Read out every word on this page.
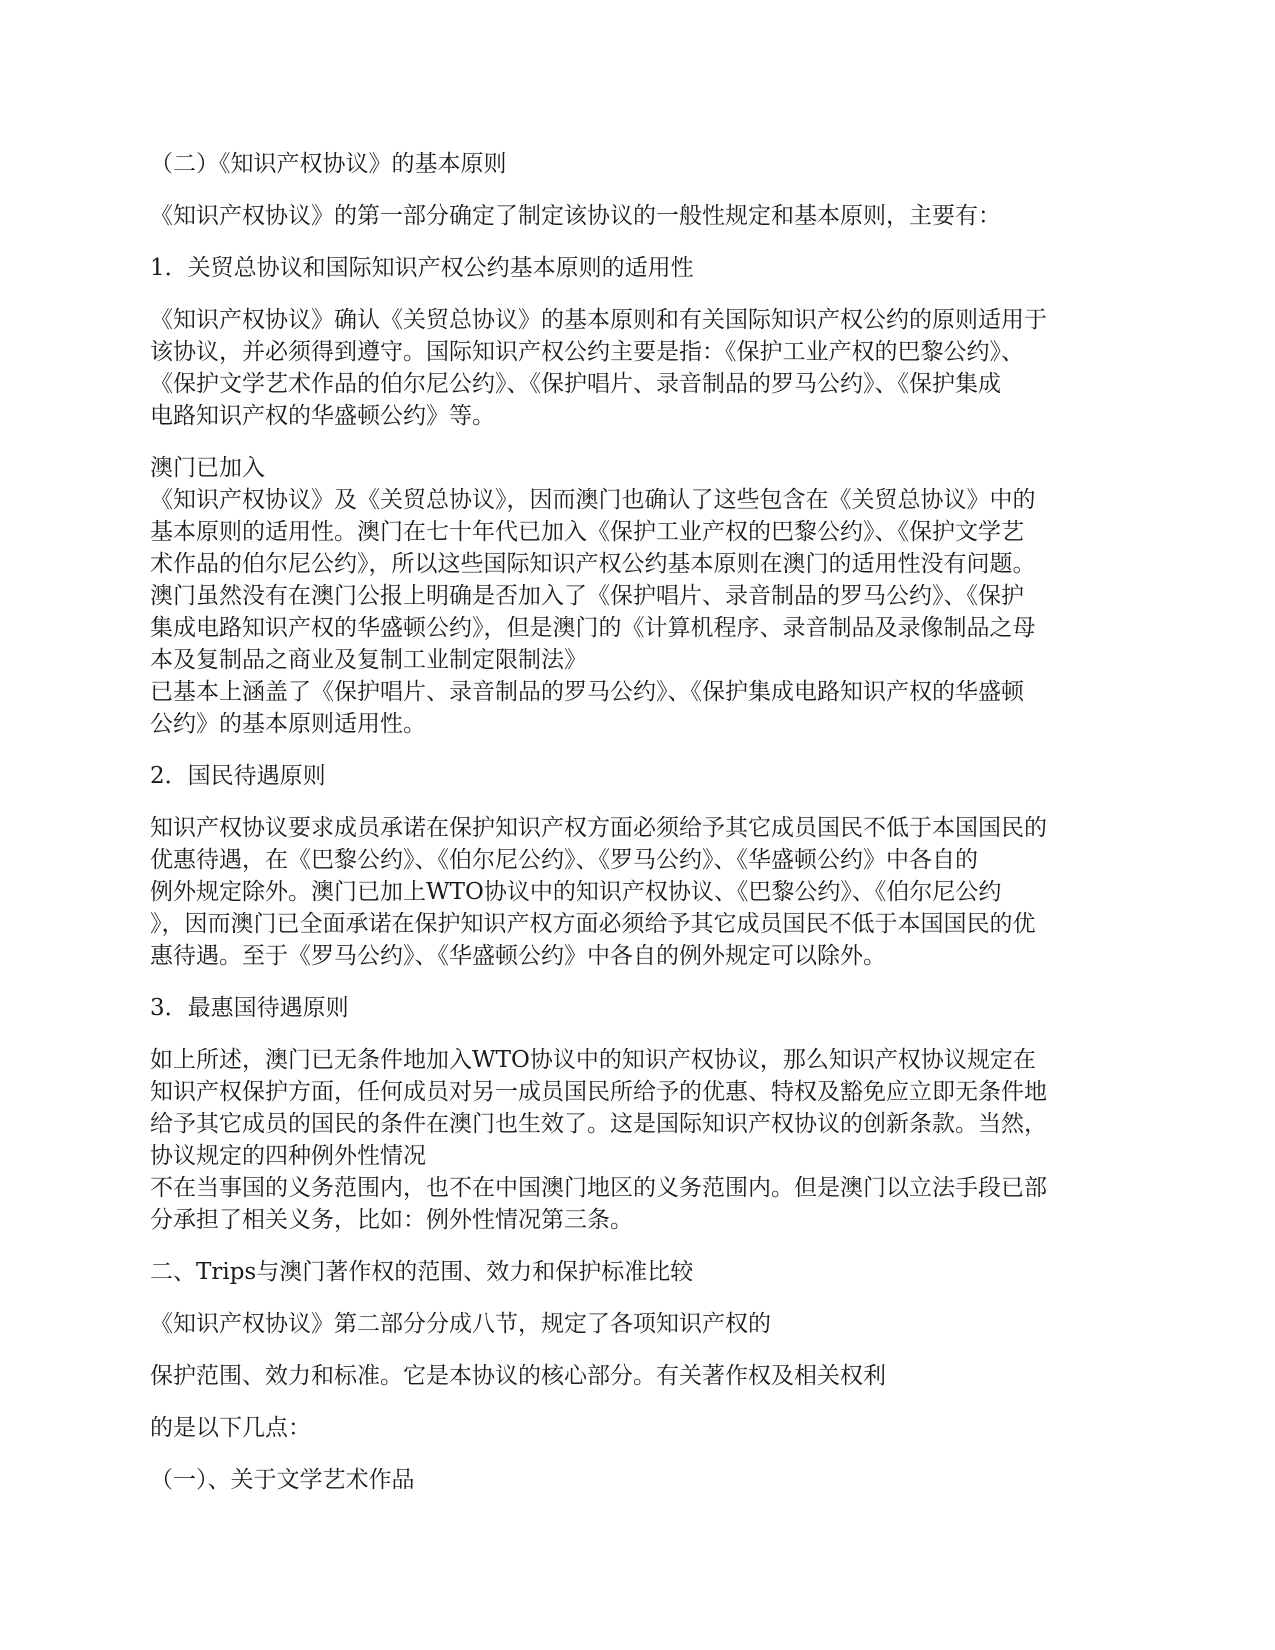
（二）《知识产权协议》的基本原则
《知识产权协议》的第一部分确定了制定该协议的一般性规定和基本原则，主要有：
1．关贸总协议和国际知识产权公约基本原则的适用性
《知识产权协议》确认《关贸总协议》的基本原则和有关国际知识产权公约的原则适用于
该协议，并必须得到遵守。国际知识产权公约主要是指：《保护工业产权的巴黎公约》、
《保护文学艺术作品的伯尔尼公约》、《保护唱片、录音制品的罗马公约》、《保护集成
电路知识产权的华盛顿公约》等。
澳门已加入
《知识产权协议》及《关贸总协议》，因而澳门也确认了这些包含在《关贸总协议》中的
基本原则的适用性。澳门在七十年代已加入《保护工业产权的巴黎公约》、《保护文学艺
术作品的伯尔尼公约》，所以这些国际知识产权公约基本原则在澳门的适用性没有问题。
澳门虽然没有在澳门公报上明确是否加入了《保护唱片、录音制品的罗马公约》、《保护
集成电路知识产权的华盛顿公约》，但是澳门的《计算机程序、录音制品及录像制品之母
本及复制品之商业及复制工业制定限制法》
已基本上涵盖了《保护唱片、录音制品的罗马公约》、《保护集成电路知识产权的华盛顿
公约》的基本原则适用性。
2．国民待遇原则
知识产权协议要求成员承诺在保护知识产权方面必须给予其它成员国民不低于本国国民的
优惠待遇，在《巴黎公约》、《伯尔尼公约》、《罗马公约》、《华盛顿公约》中各自的
例外规定除外。澳门已加上WTO协议中的知识产权协议、《巴黎公约》、《伯尔尼公约
》，因而澳门已全面承诺在保护知识产权方面必须给予其它成员国民不低于本国国民的优
惠待遇。至于《罗马公约》、《华盛顿公约》中各自的例外规定可以除外。
3．最惠国待遇原则
如上所述，澳门已无条件地加入WTO协议中的知识产权协议，那么知识产权协议规定在
知识产权保护方面，任何成员对另一成员国民所给予的优惠、特权及豁免应立即无条件地
给予其它成员的国民的条件在澳门也生效了。这是国际知识产权协议的创新条款。当然，
协议规定的四种例外性情况
不在当事国的义务范围内，也不在中国澳门地区的义务范围内。但是澳门以立法手段已部
分承担了相关义务，比如：例外性情况第三条。
二、Trips与澳门著作权的范围、效力和保护标准比较
《知识产权协议》第二部分分成八节，规定了各项知识产权的
保护范围、效力和标准。它是本协议的核心部分。有关著作权及相关权利
的是以下几点：
（一）、关于文学艺术作品
